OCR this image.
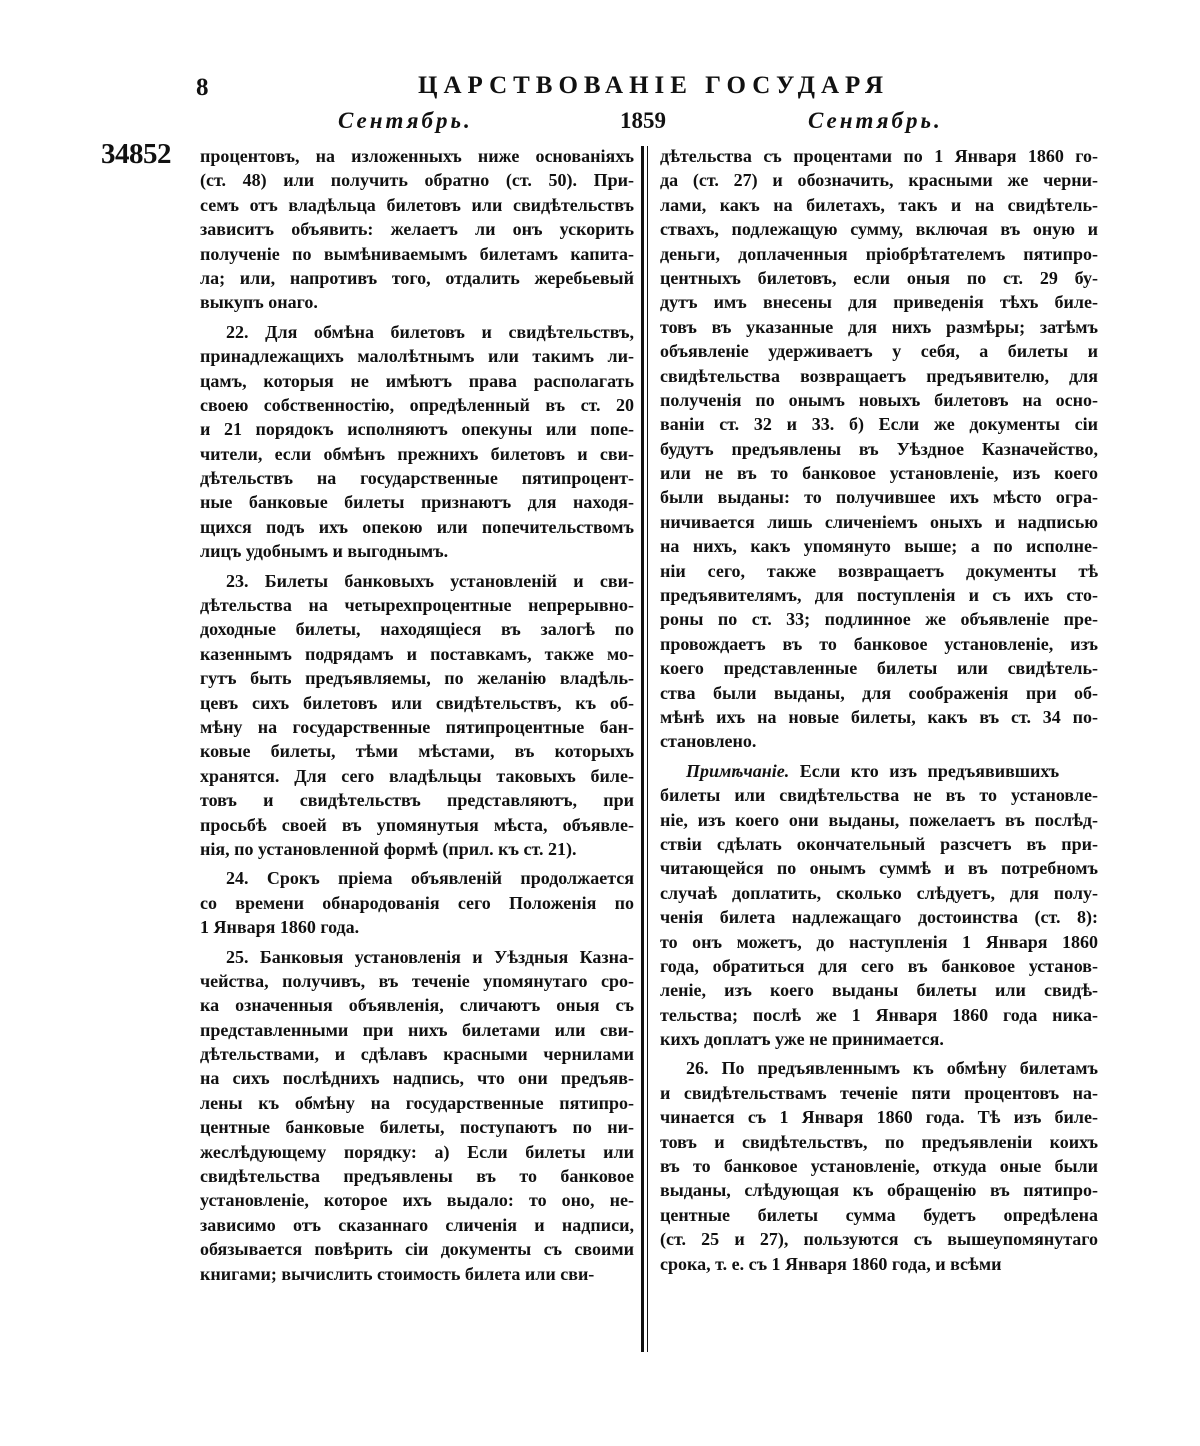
8	ЦАРСТВОВАНІЕ ГОСУДАРЯ
Сентябрь.	1859	Сентябрь.
34852 процентовъ, на изложенныхъ ниже основаніяхъ
(ст. 48) или получить обратно (ст. 50). При-
семъ отъ владѣльца билетовъ или свидѣтельствъ
зависитъ объявить: желаетъ ли онъ ускорить
полученіе по вымѣниваемымъ билетамъ капита-
ла; или, напротивъ того, отдалить жеребьевый
выкупъ онаго.
22. Для обмѣна билетовъ и свидѣтельствъ,
принадлежащихъ малолѣтнымъ или такимъ ли-
цамъ, которыя не имѣютъ права располагать
своею собственностію, опредѣленный въ ст. 20
и 21 порядокъ исполняютъ опекуны или попе-
чители, если обмѣнъ прежнихъ билетовъ и сви-
дѣтельствъ на государственные пятипроцент-
ные банковые билеты признаютъ для находя-
щихся подъ ихъ опекою или попечительствомъ
лицъ удобнымъ и выгоднымъ.
23. Билеты банковыхъ установленій и сви-
дѣтельства на четырехпроцентные непрерывно-
доходные билеты, находящіеся въ залогѣ по
казеннымъ подрядамъ и поставкамъ, также мо-
гутъ быть предъявляемы, по желанію владѣль-
цевъ сихъ билетовъ или свидѣтельствъ, къ об-
мѣну на государственные пятипроцентные бан-
ковые билеты, тѣми мѣстами, въ которыхъ
хранятся. Для сего владѣльцы таковыхъ биле-
товъ и свидѣтельствъ представляютъ, при
просьбѣ своей въ упомянутыя мѣста, объявле-
нія, по установленной формѣ (прил. къ ст. 21).
24. Срокъ пріема объявленій продолжается
со времени обнародованія сего Положенія по
1 Января 1860 года.
25. Банковыя установленія и Уѣздныя Казна-
чейства, получивъ, въ теченіе упомянутаго сро-
ка означенныя объявленія, сличаютъ оныя съ
представленными при нихъ билетами или сви-
дѣтельствами, и сдѣлавъ красными чернилами
на сихъ послѣднихъ надпись, что они предъяв-
лены къ обмѣну на государственные пятипро-
центные банковые билеты, поступаютъ по ни-
жеслѣдующему порядку: а) Если билеты или
свидѣтельства предъявлены въ то банковое
установленіе, которое ихъ выдало: то оно, не-
зависимо отъ сказаннаго сличенія и надписи,
обязывается повѣрить сіи документы съ своими
книгами; вычислить стоимость билета или сви-
дѣтельства съ процентами по 1 Января 1860 го-
да (ст. 27) и обозначить, красными же черни-
лами, какъ на билетахъ, такъ и на свидѣтель-
ствахъ, подлежащую сумму, включая въ оную и
деньги, доплаченныя пріобрѣтателемъ пятипро-
центныхъ билетовъ, если оныя по ст. 29 бу-
дутъ имъ внесены для приведенія тѣхъ биле-
товъ въ указанные для нихъ размѣры; затѣмъ
объявленіе удерживаетъ у себя, а билеты и
свидѣтельства возвращаетъ предъявителю, для
полученія по онымъ новыхъ билетовъ на осно-
ваніи ст. 32 и 33. б) Если же документы сіи
будутъ предъявлены въ Уѣздное Казначейство,
или не въ то банковое установленіе, изъ коего
были выданы: то получившее ихъ мѣсто огра-
ничивается лишь сличеніемъ оныхъ и надписью
на нихъ, какъ упомянуто выше; а по исполне-
ніи сего, также возвращаетъ документы тѣ
предъявителямъ, для поступленія и съ ихъ сто-
роны по ст. 33; подлинное же объявленіе пре-
провождаетъ въ то банковое установленіе, изъ
коего представленные билеты или свидѣтель-
ства были выданы, для соображенія при об-
мѣнѣ ихъ на новые билеты, какъ въ ст. 34 по-
становлено.
Примѣчаніе. Если кто изъ предъявившихъ
билеты или свидѣтельства не въ то установле-
ніе, изъ коего они выданы, пожелаетъ въ послѣд-
ствіи сдѣлать окончательный разсчетъ въ при-
читающейся по онымъ суммѣ и въ потребномъ
случаѣ доплатить, сколько слѣдуетъ, для полу-
ченія билета надлежащаго достоинства (ст. 8):
то онъ можетъ, до наступленія 1 Января 1860
года, обратиться для сего въ банковое установ-
леніе, изъ коего выданы билеты или свидѣ-
тельства; послѣ же 1 Января 1860 года ника-
кихъ доплатъ уже не принимается.
26. По предъявленнымъ къ обмѣну билетамъ
и свидѣтельствамъ теченіе пяти процентовъ на-
чинается съ 1 Января 1860 года. Тѣ изъ биле-
товъ и свидѣтельствъ, по предъявленіи коихъ
въ то банковое установленіе, откуда оные были
выданы, слѣдующая къ обращенію въ пятипро-
центные билеты сумма будетъ опредѣлена
(ст. 25 и 27), пользуются съ вышеупомянутаго
срока, т. е. съ 1 Января 1860 года, и всѣми
